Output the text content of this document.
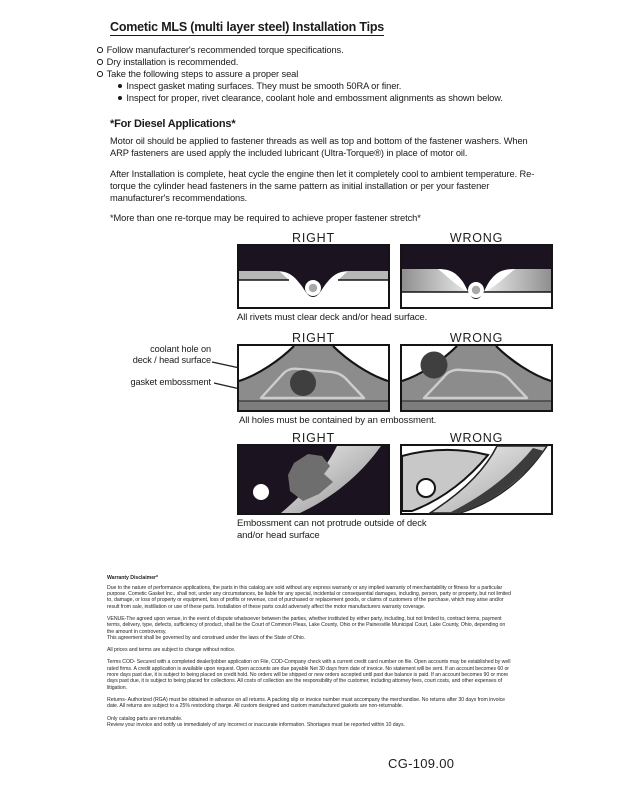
Cometic MLS (multi layer steel) Installation Tips
Follow manufacturer's recommended torque specifications.
Dry installation is recommended.
Take the following steps to assure a proper seal
Inspect gasket mating surfaces. They must be smooth 50RA or finer.
Inspect for proper, rivet clearance, coolant hole and embossment alignments as shown below.
*For Diesel Applications*

Motor oil should be applied to fastener threads as well as top and bottom of the fastener washers. When ARP fasteners are used apply the included lubricant (Ultra-Torque®) in place of motor oil.

After Installation is complete, heat cycle the engine then let it completely cool to ambient temperature. Re-torque the cylinder head fasteners in the same pattern as initial installation or per your fastener manufacturer's recommendations.

*More than one re-torque may be required to achieve proper fastener stretch*

RIGHT	WRONG
All rivets must clear deck and/or head surface.
RIGHT	WRONG
coolant hole on
deck / head surface
gasket embossment
All holes must be contained by an embossment.
RIGHT	WRONG
Embossment can not protrude outside of deck
and/or head surface
Warranty Disclaimer*

Due to the nature of performance applications, the parts in this catalog are sold without any express warranty or any implied warranty of merchantability or fitness for a particular purpose. Cometic Gasket Inc., shall not, under any circumstances, be liable for any special, incidental or consequential damages, including, person, party or property, but not limited to, damage, or loss of property or equipment, loss of profits or revenue, cost of purchased or replacement goods, or claims of customers of the purchase, which may arise and/or result from sale, instillation or use of these parts. Installation of these parts could adversely affect the motor manufacturers warranty coverage.

VENUE-The agreed upon venue, in the event of dispute whatsoever between the parties, whether instituted by either party, including, but not limited to, contract terms, payment terms, delivery, type, defects, sufficiency of product, shall be the Court of Common Pleas, Lake County, Ohio or the Painesville Municipal Court, Lake County, Ohio, depending on the amount in controversy.

This agreement shall be governed by and construed under the laws of the State of Ohio.

All prices and terms are subject to change without notice.

Terms COD- Secured with a completed dealer/jobber application on File, COD-Company check with a current credit card number on file. Open accounts may be established by well rated firms. A credit application is available upon request. Open accounts are due payable Net 30 days from date of invoice. No statement will be sent. If an account becomes 60 or more days past due, it is subject to being placed on credit hold. No orders will be shipped or new orders accepted until past due balance is paid. If an account becomes 90 or more days past due, it is subject to being placed for collections. All costs of collection are the responsibility of the customer, including attorney fees, court costs, and other expenses of litigation.

Returns- Authorized (RGA) must be obtained in advance on all returns. A packing slip or invoice number must accompany the merchandise. No returns after 30 days from invoice date. All returns are subject to a 25% restocking charge. All custom designed and custom manufactured gaskets are non-returnable.

Only catalog parts are returnable.

Review your invoice and notify us immediately of any incorrect or inaccurate information. Shortages must be reported within 10 days.

CG-109.00
